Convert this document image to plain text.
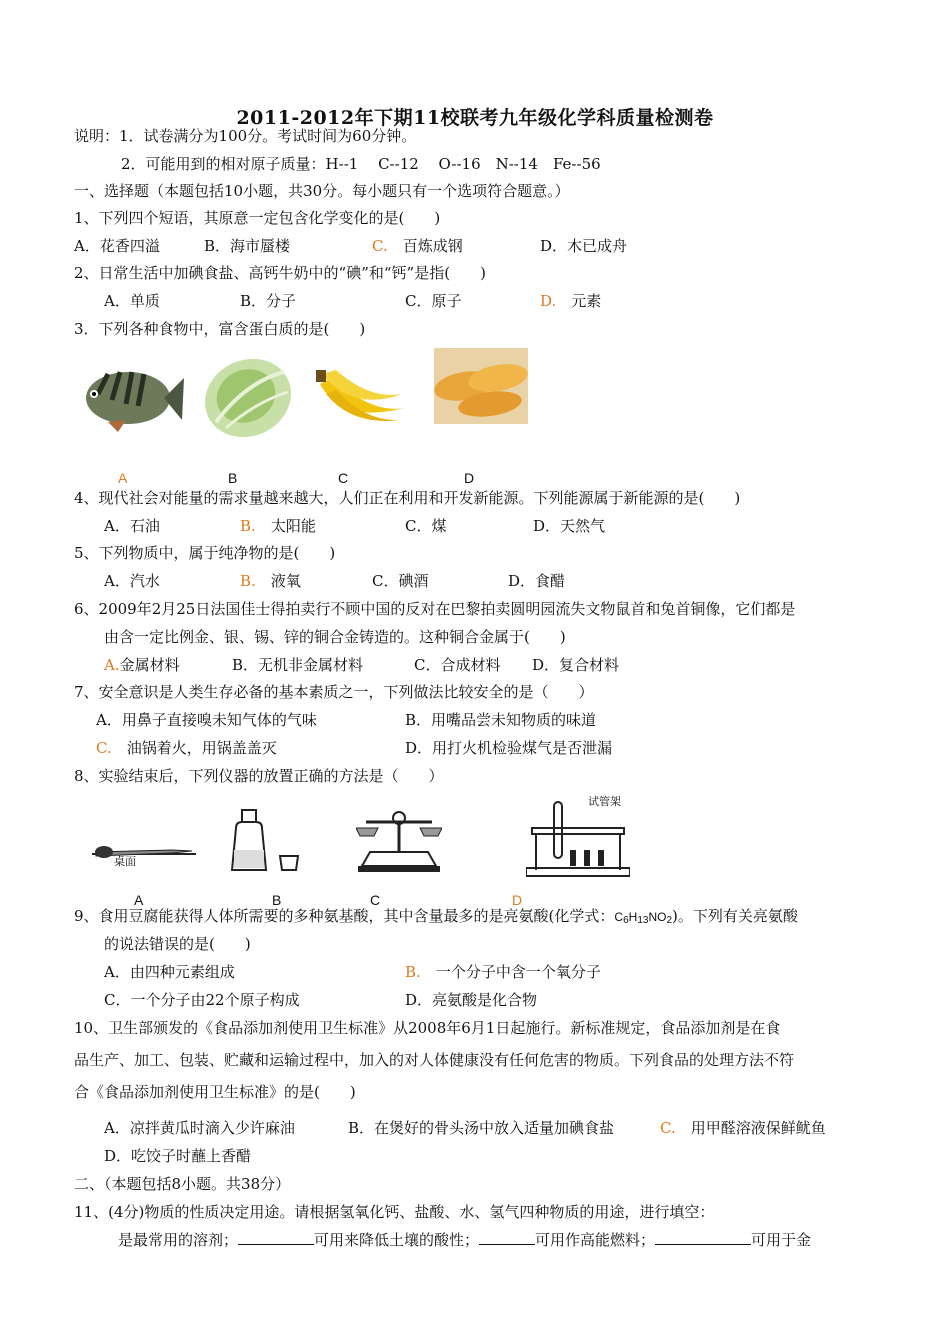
2011-2012年下期11校联考九年级化学科质量检测卷
说明：1．试卷满分为100分。考试时间为60分钟。
2．可能用到的相对原子质量：H--1　 C--12　 O--16　N--14　Fe--56
一、选择题（本题包括10小题，共30分。每小题只有一个选项符合题意。）
1、下列四个短语，其原意一定包含化学变化的是(　　)
A．花香四溢	B．海市蜃楼	C.　 百炼成钢	D．木已成舟
2、日常生活中加碘食盐、高钙牛奶中的“碘”和“钙”是指(　　)
A．单质	B．分子	C．原子	D.　 元素
3．下列各种食物中，富含蛋白质的是(　　)
A	B	C	D
4、现代社会对能量的需求量越来越大，人们正在利用和开发新能源。下列能源属于新能源的是(　　)
A．石油	B.　 太阳能	C．煤	D．天然气
5、下列物质中，属于纯净物的是(　　)
A．汽水	B.　 液氧	C．碘酒	D．食醋
6、2009年2月25日法国佳士得拍卖行不顾中国的反对在巴黎拍卖圆明园流失文物鼠首和兔首铜像，它们都是
由含一定比例金、银、锡、锌的铜合金铸造的。这种铜合金属于(　　)
A.金属材料	B．无机非金属材料	C．合成材料 D．复合材料
7、安全意识是人类生存必备的基本素质之一，下列做法比较安全的是（　　）
A．用鼻子直接嗅未知气体的气味	B．用嘴品尝未知物质的味道
C.　 油锅着火，用锅盖盖灭	D．用打火机检验煤气是否泄漏
8、实验结束后，下列仪器的放置正确的方法是（　　）
桌面
试管架
A	B	C	D
9、食用豆腐能获得人体所需要的多种氨基酸，其中含量最多的是亮氨酸(化学式：$C_6H_{13}NO_2$)。下列有关亮氨酸
的说法错误的是(　　)
A．由四种元素组成	B.　 一个分子中含一个氧分子
C．一个分子由22个原子构成	D．亮氨酸是化合物
10、卫生部颁发的《食品添加剂使用卫生标准》从2008年6月1日起施行。新标准规定，食品添加剂是在食
品生产、加工、包装、贮藏和运输过程中，加入的对人体健康没有任何危害的物质。下列食品的处理方法不符
合《食品添加剂使用卫生标准》的是(　　)
A．凉拌黄瓜时滴入少许麻油	B．在煲好的骨头汤中放入适量加碘食盐	C.　 用甲醛溶液保鲜鱿鱼
D．吃饺子时蘸上香醋
二、（本题包括8小题。共38分）
11、(4分)物质的性质决定用途。请根据氢氧化钙、盐酸、水、氢气四种物质的用途，进行填空：
是最常用的溶剂；	可用来降低土壤的酸性；	可用作高能燃料；	可用于金
